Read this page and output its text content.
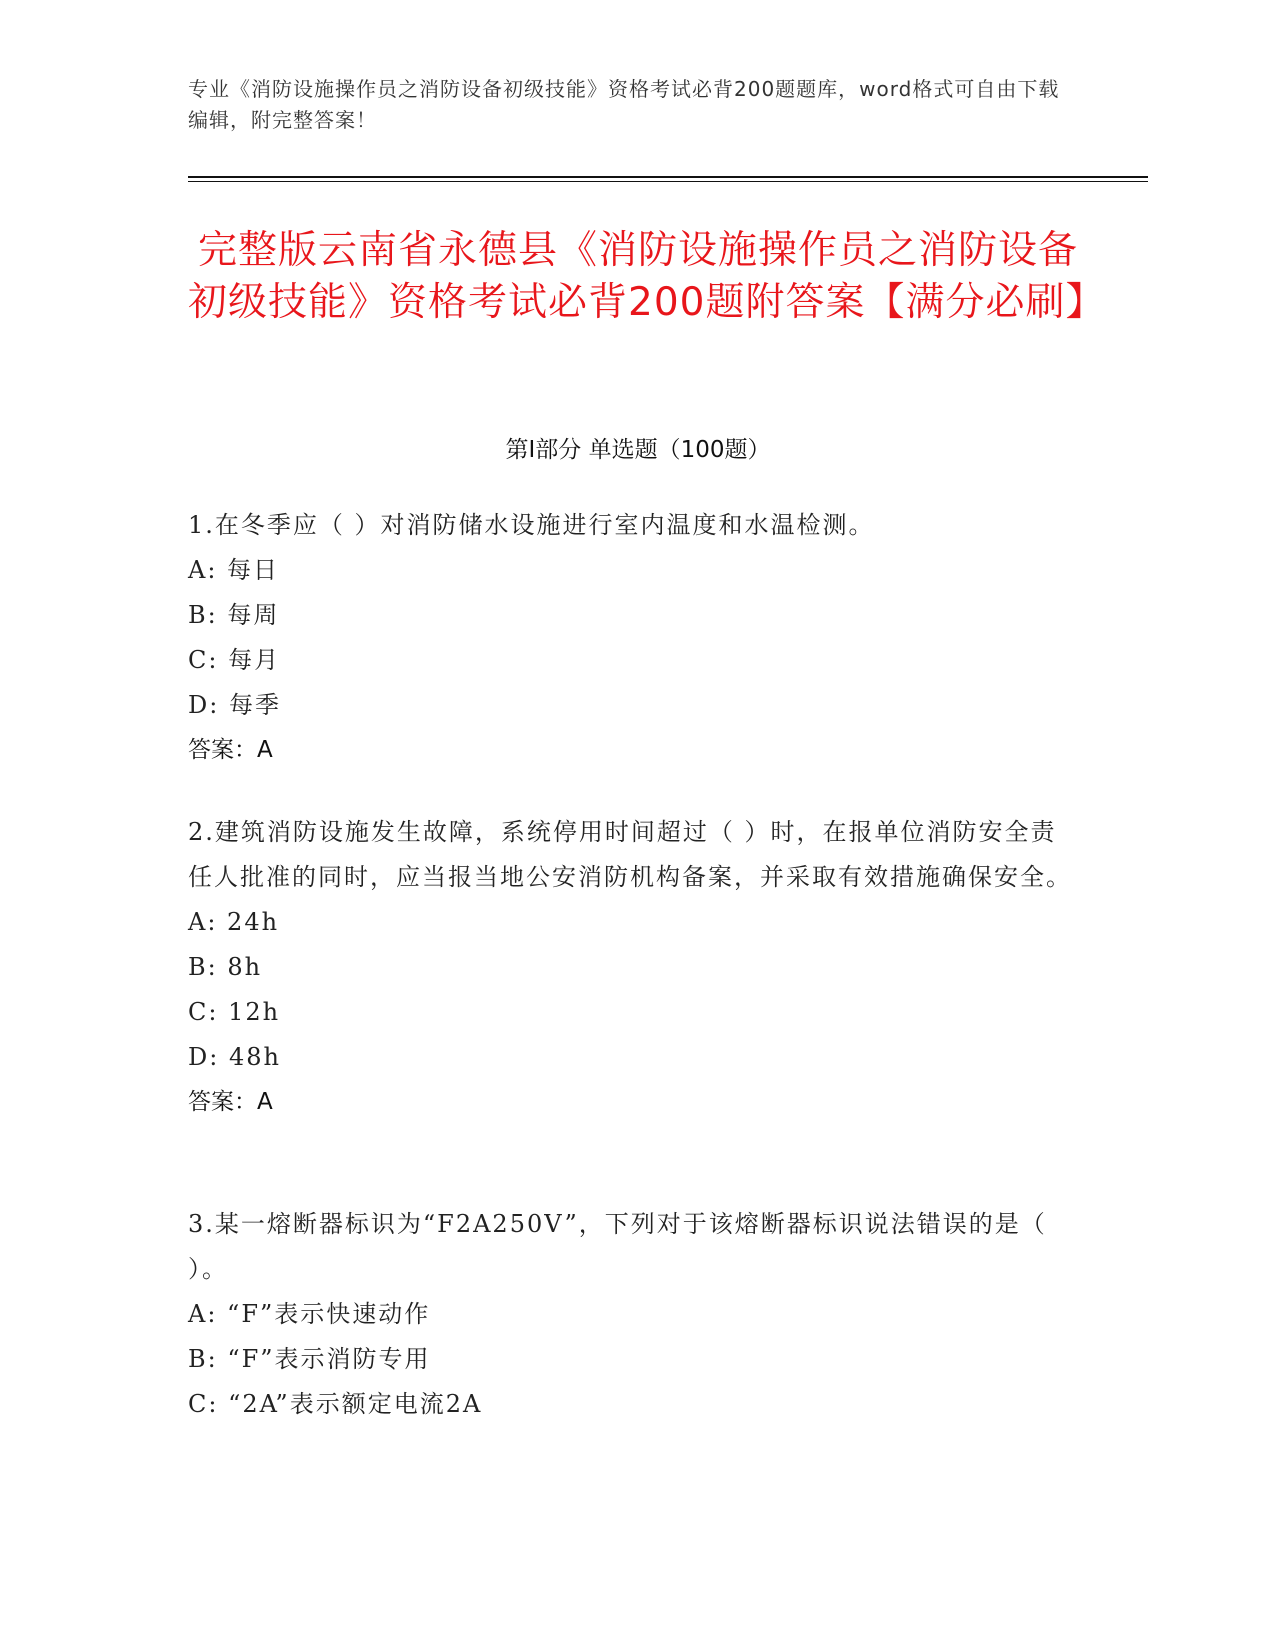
专业《消防设施操作员之消防设备初级技能》资格考试必背200题题库，word格式可自由下载编辑，附完整答案！
完整版云南省永德县《消防设施操作员之消防设备初级技能》资格考试必背200题附答案【满分必刷】
第Ⅰ部分 单选题（100题）

1.在冬季应（ ）对消防储水设施进行室内温度和水温检测。

A: 每日

B: 每周

C: 每月

D: 每季

答案：A

2.建筑消防设施发生故障，系统停用时间超过（ ）时，在报单位消防安全责任人批准的同时，应当报当地公安消防机构备案，并采取有效措施确保安全。

A: 24h

B: 8h

C: 12h

D: 48h

答案：A

3.某一熔断器标识为“F2A250V”，下列对于该熔断器标识说法错误的是（ ）。

A: “F”表示快速动作

B: “F”表示消防专用

C: “2A”表示额定电流2A
